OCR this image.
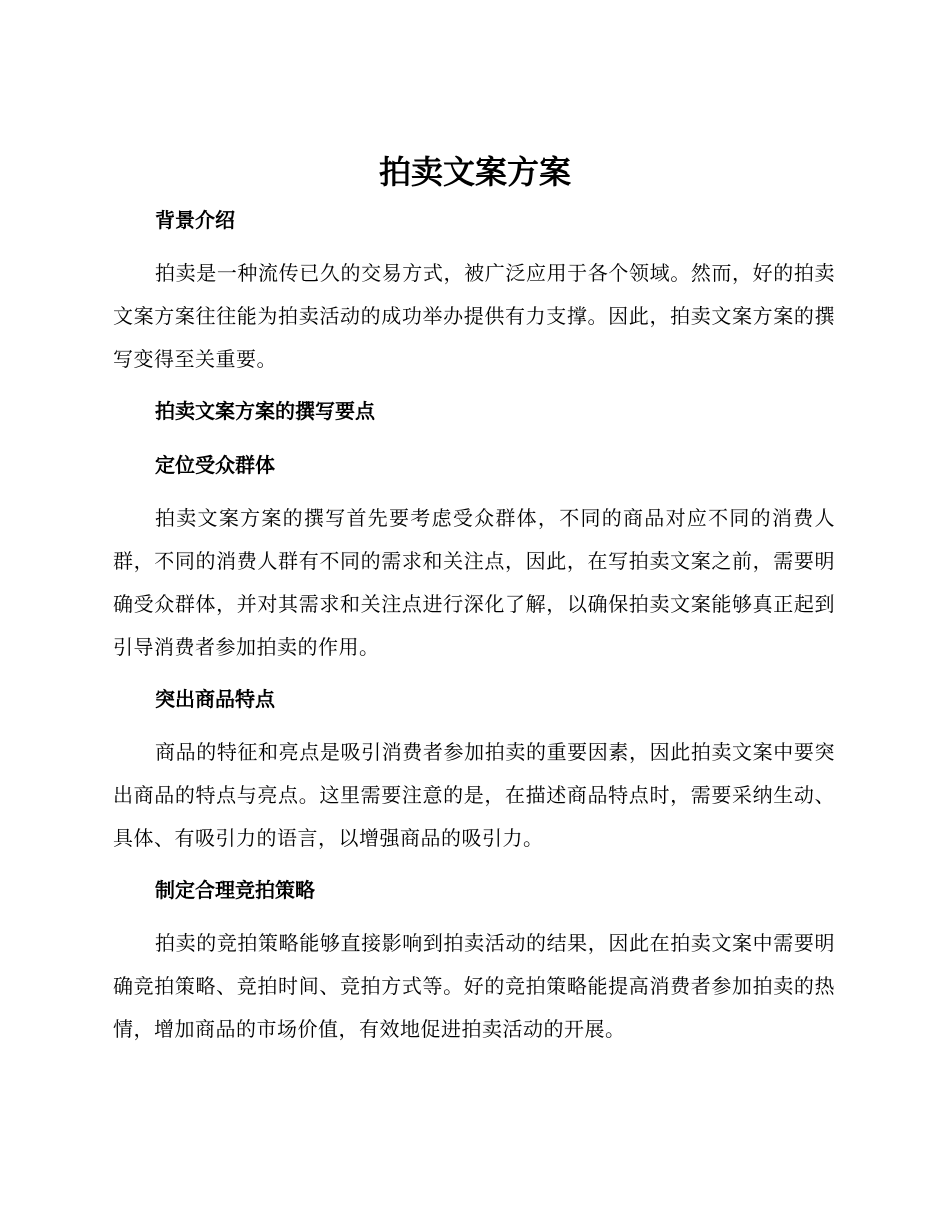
拍卖文案方案
背景介绍

拍卖是一种流传已久的交易方式，被广泛应用于各个领域。然而，好的拍卖文案方案往往能为拍卖活动的成功举办提供有力支撑。因此，拍卖文案方案的撰写变得至关重要。

拍卖文案方案的撰写要点
定位受众群体

拍卖文案方案的撰写首先要考虑受众群体，不同的商品对应不同的消费人群，不同的消费人群有不同的需求和关注点，因此，在写拍卖文案之前，需要明确受众群体，并对其需求和关注点进行深化了解，以确保拍卖文案能够真正起到引导消费者参加拍卖的作用。

突出商品特点

商品的特征和亮点是吸引消费者参加拍卖的重要因素，因此拍卖文案中要突出商品的特点与亮点。这里需要注意的是，在描述商品特点时，需要采纳生动、具体、有吸引力的语言，以增强商品的吸引力。

制定合理竞拍策略

拍卖的竞拍策略能够直接影响到拍卖活动的结果，因此在拍卖文案中需要明确竞拍策略、竞拍时间、竞拍方式等。好的竞拍策略能提高消费者参加拍卖的热情，增加商品的市场价值，有效地促进拍卖活动的开展。
